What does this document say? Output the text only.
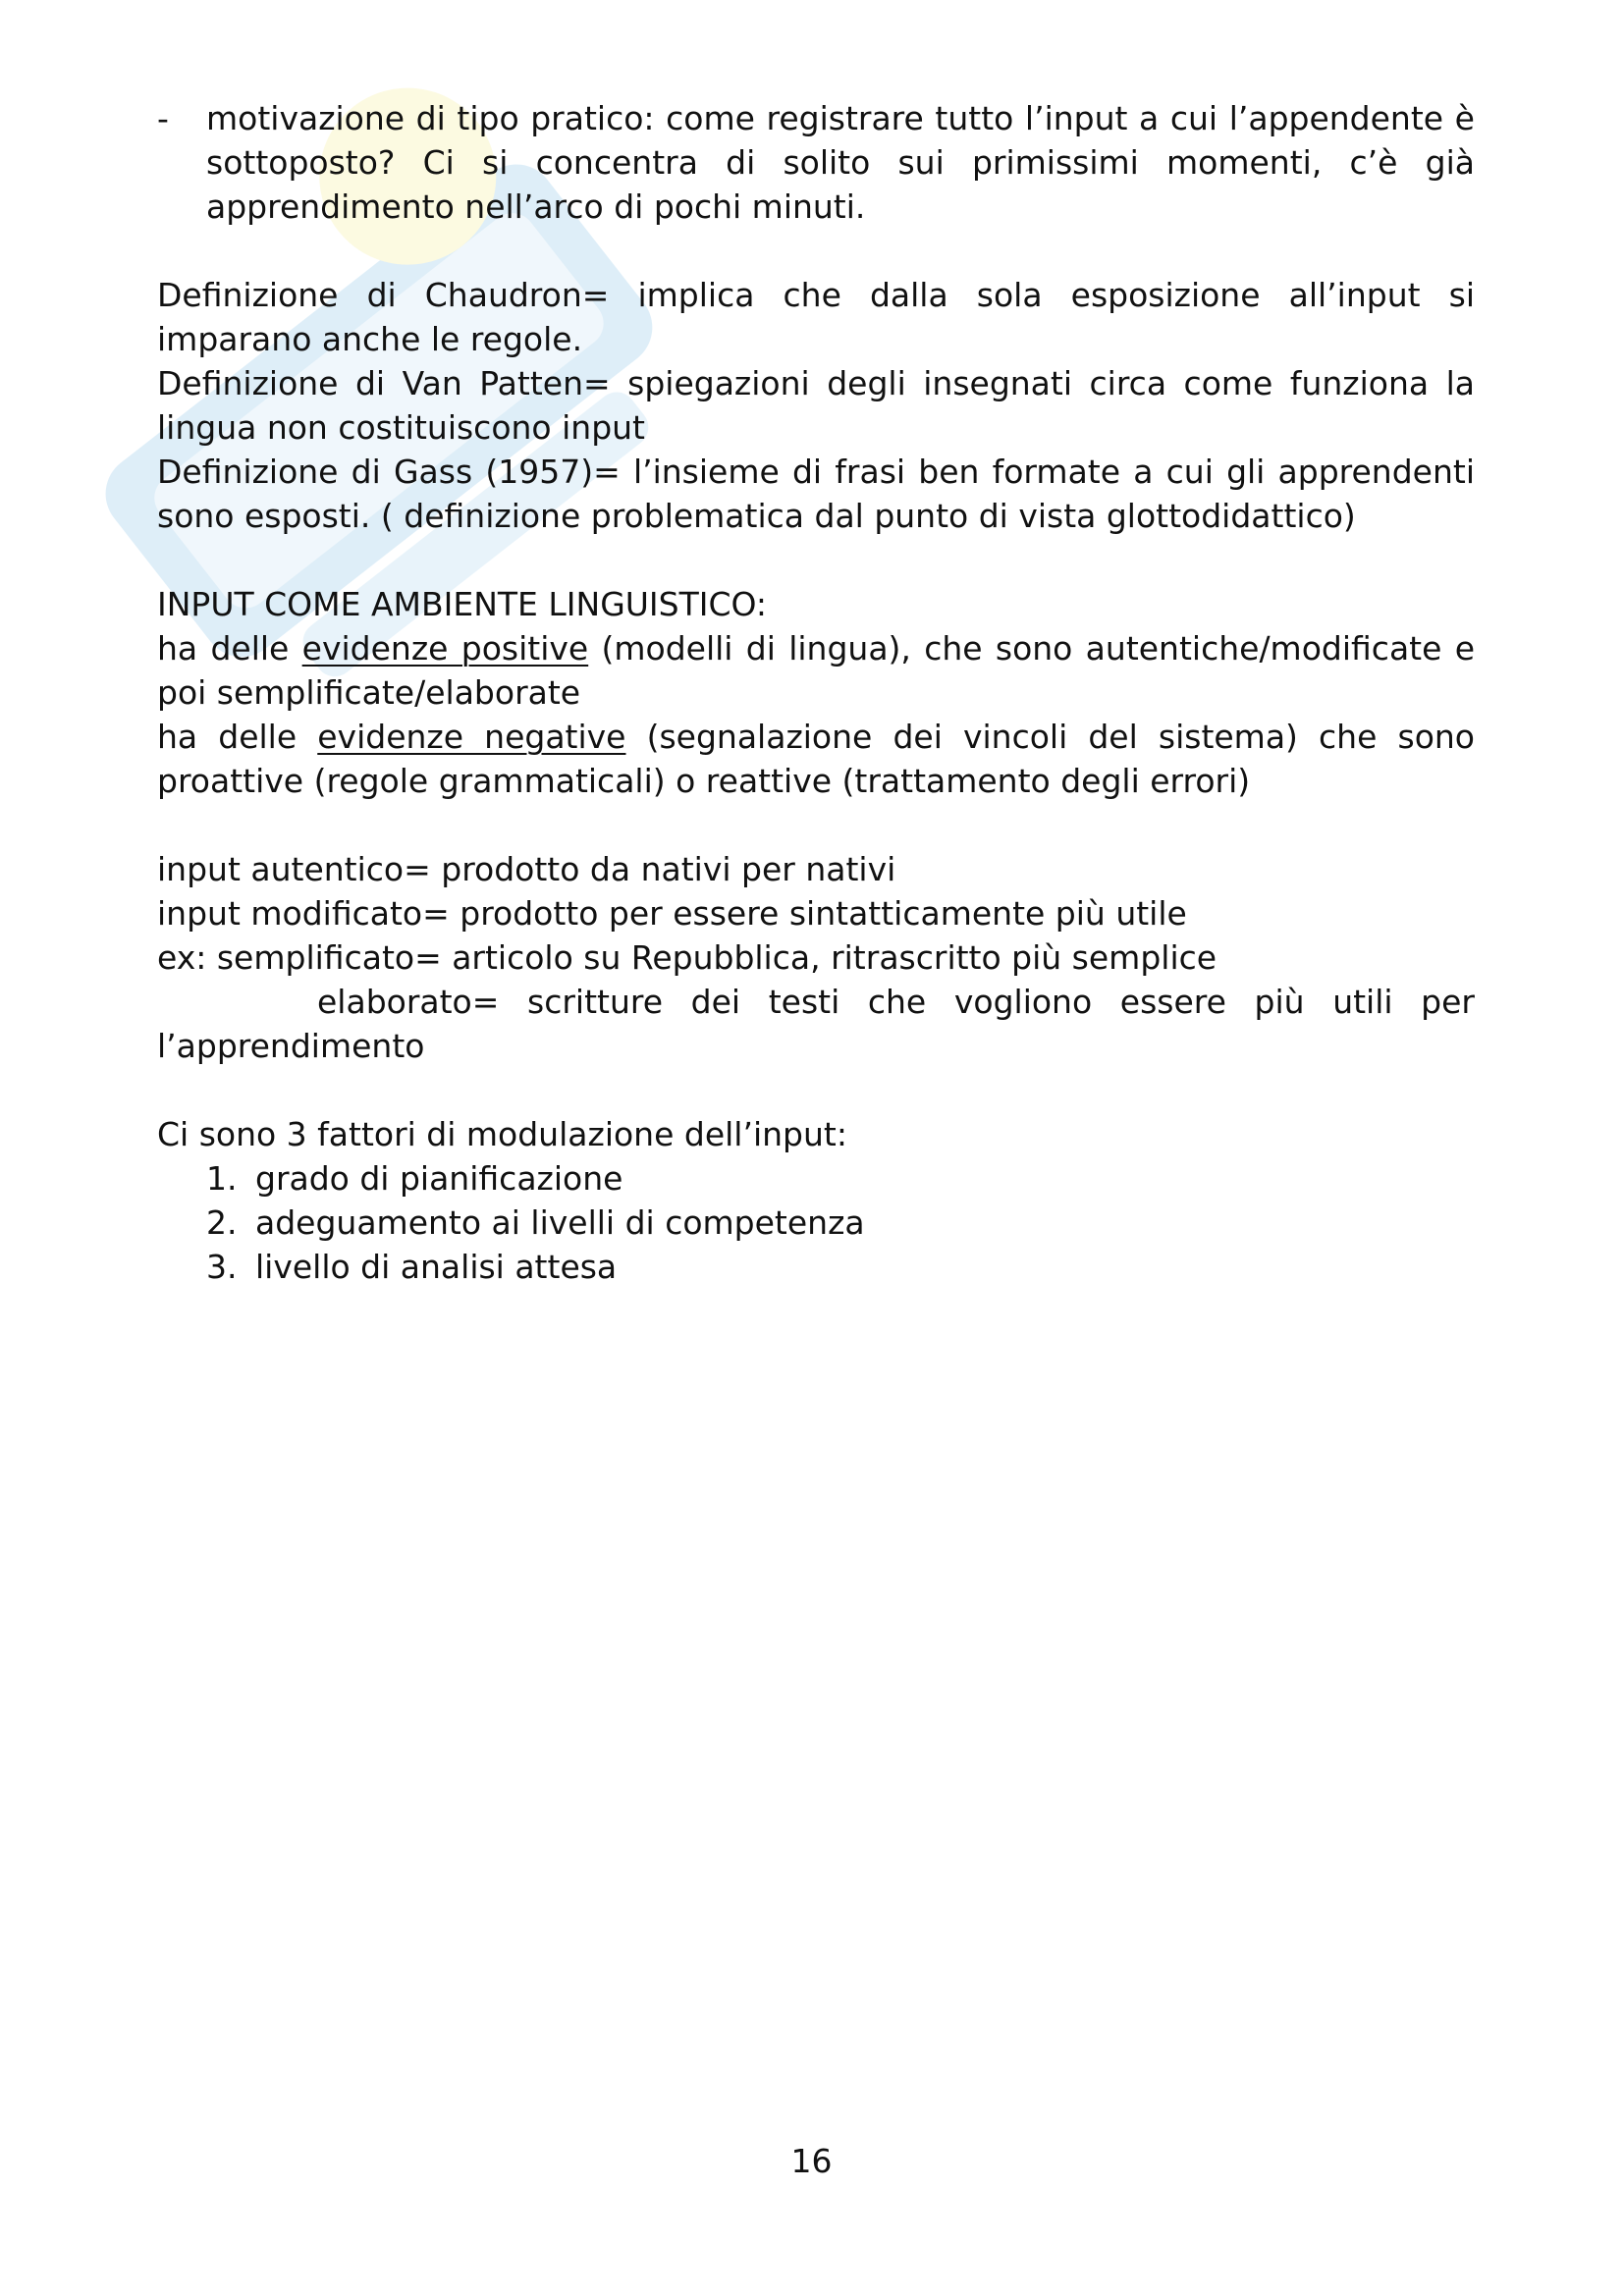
- motivazione di tipo pratico: come registrare tutto l’input a cui l’appendente è sottoposto? Ci si concentra di solito sui primissimi momenti, c’è già apprendimento nell’arco di pochi minuti.

Definizione di Chaudron= implica che dalla sola esposizione all’input si imparano anche le regole.

Definizione di Van Patten= spiegazioni degli insegnati circa come funziona la lingua non costituiscono input

Definizione di Gass (1957)= l’insieme di frasi ben formate a cui gli apprendenti sono esposti. ( definizione problematica dal punto di vista glottodidattico)

INPUT COME AMBIENTE LINGUISTICO:

ha delle evidenze positive (modelli di lingua), che sono autentiche/modificate e poi semplificate/elaborate

ha delle evidenze negative (segnalazione dei vincoli del sistema) che sono proattive (regole grammaticali) o reattive (trattamento degli errori)

input autentico= prodotto da nativi per nativi

input modificato= prodotto per essere sintatticamente più utile

ex: semplificato= articolo su Repubblica, ritrascritto più semplice

elaborato= scritture dei testi che vogliono essere più utili per

l’apprendimento

Ci sono 3 fattori di modulazione dell’input:

1. grado di pianificazione
2. adeguamento ai livelli di competenza
3. livello di analisi attesa
16
